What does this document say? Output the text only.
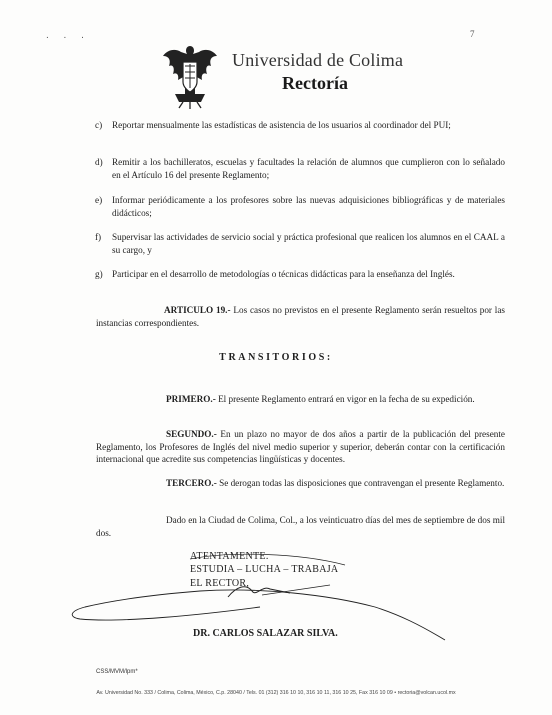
. . .	7
Universidad de Colima
Rectoría
c) Reportar mensualmente las estadísticas de asistencia de los usuarios al coordinador del PUI;
d) Remitir a los bachilleratos, escuelas y facultades la relación de alumnos que cumplieron con lo señalado en el Artículo 16 del presente Reglamento;
e) Informar periódicamente a los profesores sobre las nuevas adquisiciones bibliográficas y de materiales didácticos;
f) Supervisar las actividades de servicio social y práctica profesional que realicen los alumnos en el CAAL a su cargo, y
g) Participar en el desarrollo de metodologías o técnicas didácticas para la enseñanza del Inglés.
ARTICULO 19.- Los casos no previstos en el presente Reglamento serán resueltos por las instancias correspondientes.
TRANSITORIOS:
PRIMERO.- El presente Reglamento entrará en vigor en la fecha de su expedición.
SEGUNDO.- En un plazo no mayor de dos años a partir de la publicación del presente Reglamento, los Profesores de Inglés del nivel medio superior y superior, deberán contar con la certificación internacional que acredite sus competencias lingüísticas y docentes.
TERCERO.- Se derogan todas las disposiciones que contravengan el presente Reglamento.
Dado en la Ciudad de Colima, Col., a los veinticuatro días del mes de septiembre de dos mil dos.
ATENTAMENTE.
ESTUDIA – LUCHA – TRABAJA
EL RECTOR,
DR. CARLOS SALAZAR SILVA.
CSS/MVM/lpm*
Av. Universidad No. 333 / Colima, Colima, México, C.p. 28040 / Tels. 01 (312) 316 10 10, 316 10 11, 316 10 25, Fax 316 10 09 • rectoria@volcan.ucol.mx
